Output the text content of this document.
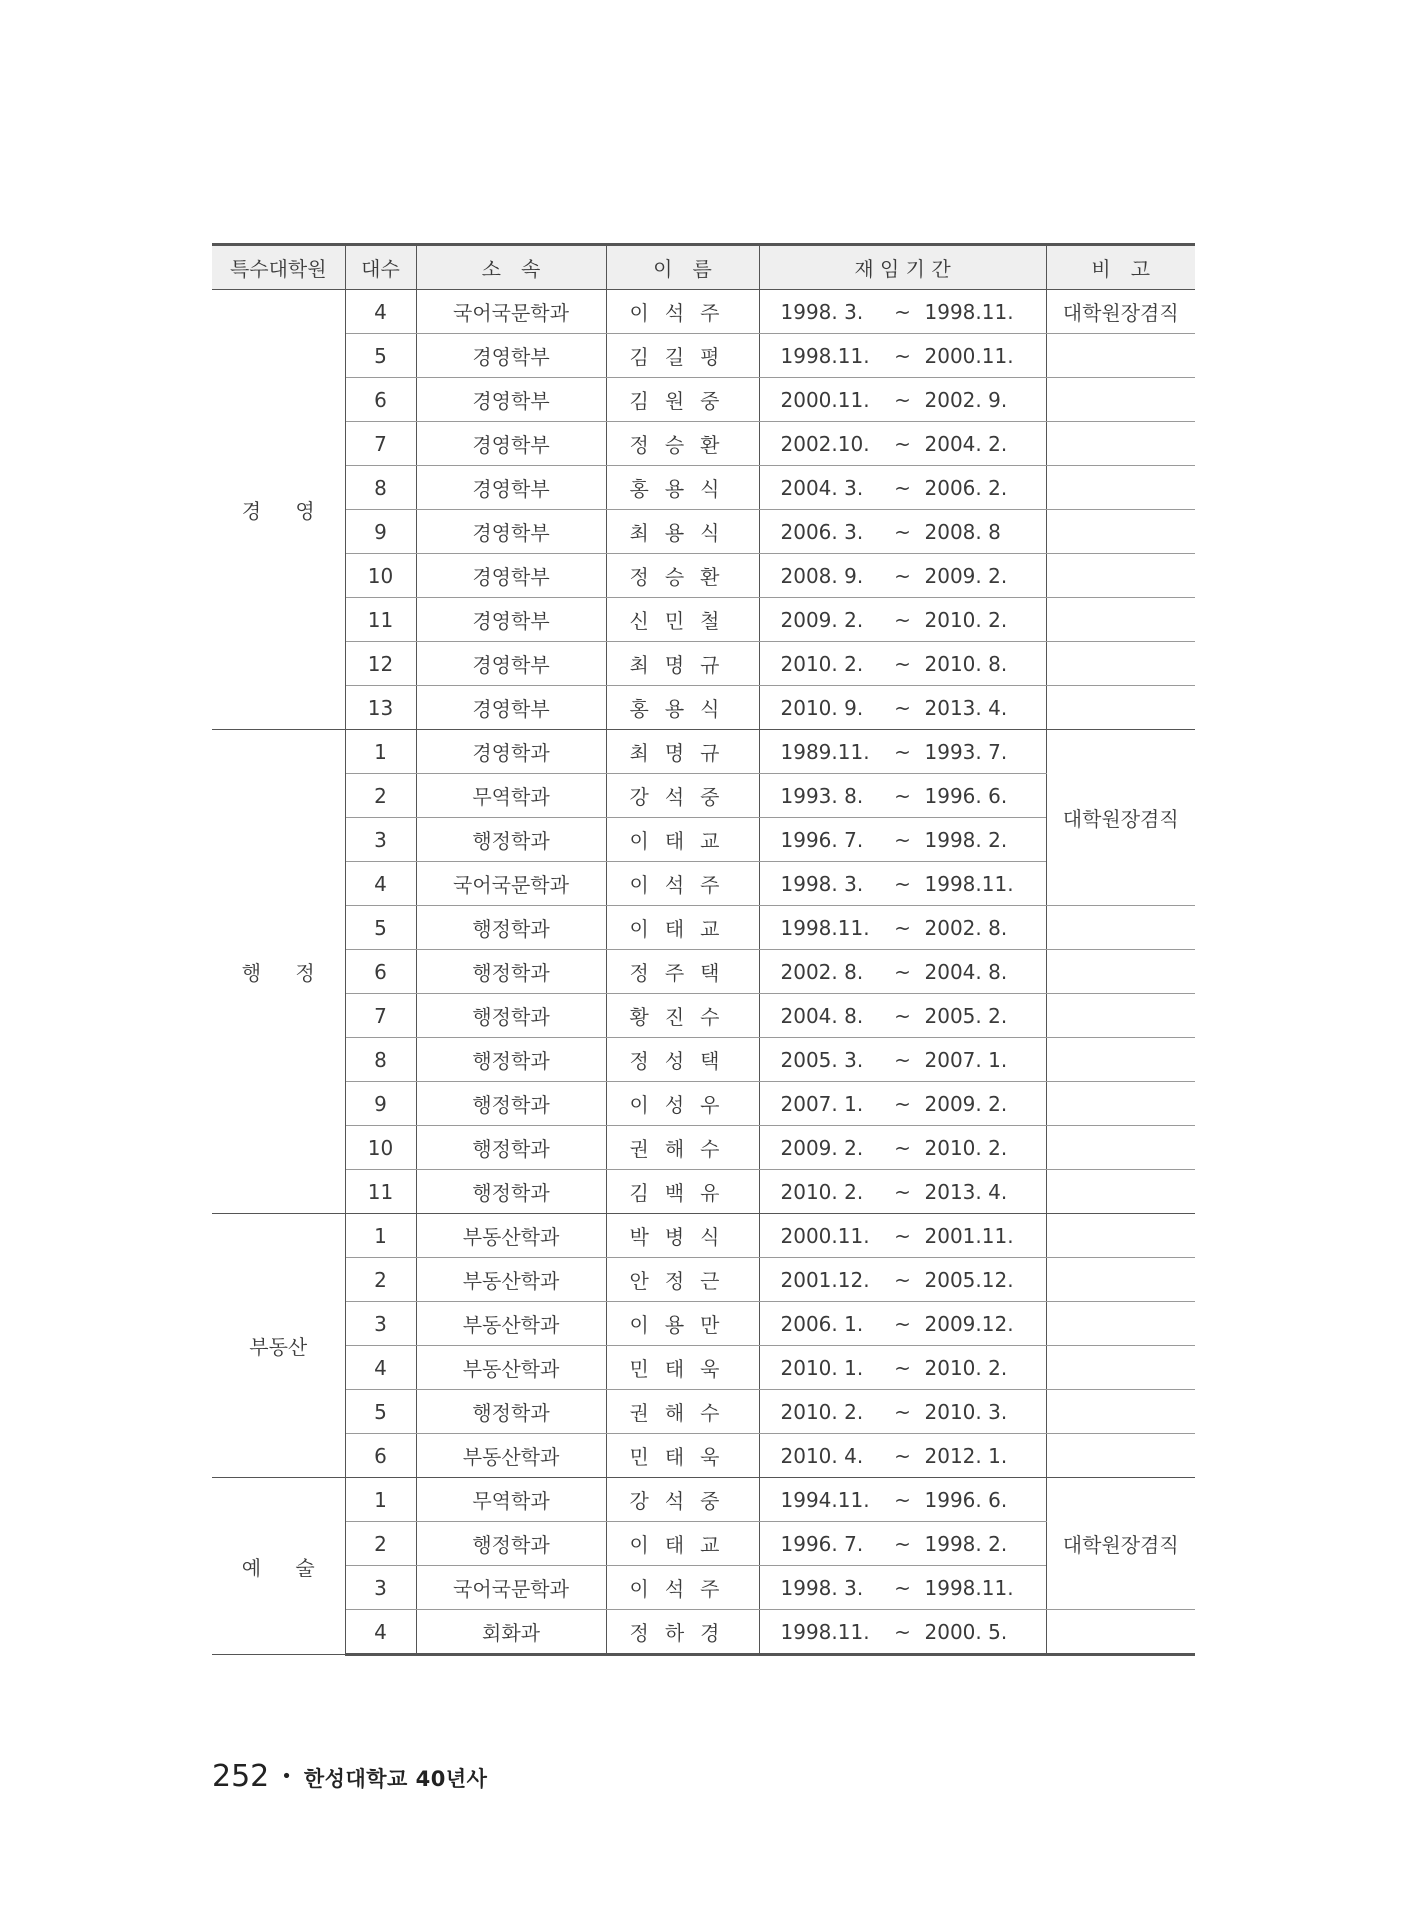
특수대학원	대수	소　속	이　름	재 임 기 간	비　고
경 영	4	국어국문학과	이석주	1998. 3. ~ 1998.11.	대학원장겸직
	5	경영학부	김길평	1998.11. ~ 2000.11.	
	6	경영학부	김원중	2000.11. ~ 2002. 9.	
	7	경영학부	정승환	2002.10. ~ 2004. 2.	
	8	경영학부	홍용식	2004. 3. ~ 2006. 2.	
	9	경영학부	최용식	2006. 3. ~ 2008. 8	
	10	경영학부	정승환	2008. 9. ~ 2009. 2.	
	11	경영학부	신민철	2009. 2. ~ 2010. 2.	
	12	경영학부	최명규	2010. 2. ~ 2010. 8.	
	13	경영학부	홍용식	2010. 9. ~ 2013. 4.	
행 정	1	경영학과	최명규	1989.11. ~ 1993. 7.	대학원장겸직
	2	무역학과	강석중	1993. 8. ~ 1996. 6.	
	3	행정학과	이태교	1996. 7. ~ 1998. 2.	
	4	국어국문학과	이석주	1998. 3. ~ 1998.11.	
	5	행정학과	이태교	1998.11. ~ 2002. 8.	
	6	행정학과	정주택	2002. 8. ~ 2004. 8.	
	7	행정학과	황진수	2004. 8. ~ 2005. 2.	
	8	행정학과	정성택	2005. 3. ~ 2007. 1.	
	9	행정학과	이성우	2007. 1. ~ 2009. 2.	
	10	행정학과	권해수	2009. 2. ~ 2010. 2.	
	11	행정학과	김백유	2010. 2. ~ 2013. 4.	
부동산	1	부동산학과	박병식	2000.11. ~ 2001.11.	
	2	부동산학과	안정근	2001.12. ~ 2005.12.	
	3	부동산학과	이용만	2006. 1. ~ 2009.12.	
	4	부동산학과	민태욱	2010. 1. ~ 2010. 2.	
	5	행정학과	권해수	2010. 2. ~ 2010. 3.	
	6	부동산학과	민태욱	2010. 4. ~ 2012. 1.	
예 술	1	무역학과	강석중	1994.11. ~ 1996. 6.	대학원장겸직
	2	행정학과	이태교	1996. 7. ~ 1998. 2.	
	3	국어국문학과	이석주	1998. 3. ~ 1998.11.	
	4	회화과	정하경	1998.11. ~ 2000. 5.	
252 • 한성대학교 40년사
